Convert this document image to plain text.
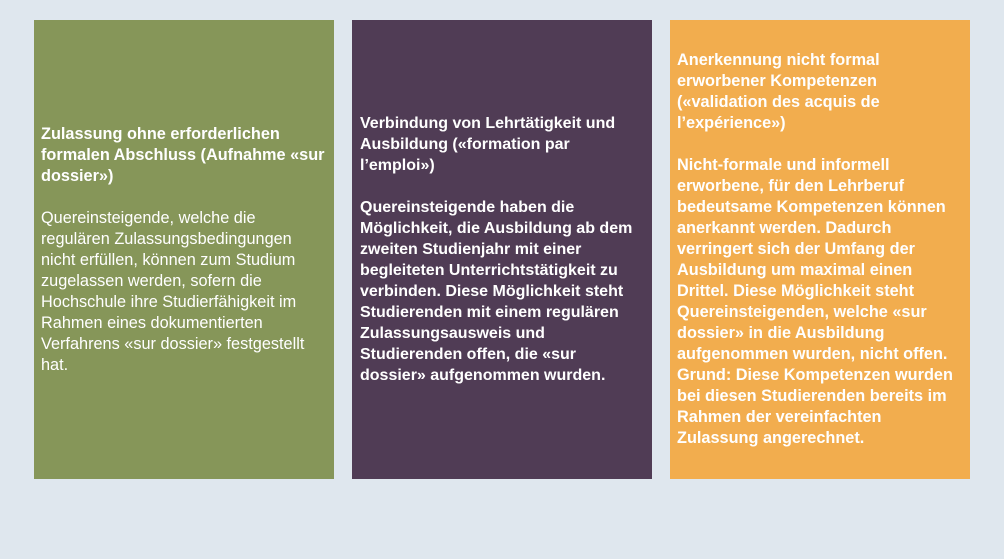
Zulassung ohne erforderlichen formalen Abschluss (Aufnahme «sur dossier»)

Quereinsteigende, welche die regulären Zulassungsbedingungen nicht erfüllen, können zum Studium zugelassen werden, sofern die Hochschule ihre Studierfähigkeit im Rahmen eines dokumentierten Verfahrens «sur dossier» festgestellt hat.

Verbindung von Lehrtätigkeit und Ausbildung («formation par l’emploi»)

Quereinsteigende haben die Möglichkeit, die Ausbildung ab dem zweiten Studienjahr mit einer begleiteten Unterrichtstätigkeit zu verbinden. Diese Möglichkeit steht Studierenden mit einem regulären Zulassungsausweis und Studierenden offen, die «sur dossier» aufgenommen wurden.

Anerkennung nicht formal erworbener Kompetenzen («validation des acquis de l’expérience»)

Nicht-formale und informell erworbene, für den Lehrberuf bedeutsame Kompetenzen können anerkannt werden. Dadurch verringert sich der Umfang der Ausbildung um maximal einen Drittel. Diese Möglichkeit steht Quereinsteigenden, welche «sur dossier» in die Ausbildung aufgenommen wurden, nicht offen. Grund: Diese Kompetenzen wurden bei diesen Studierenden bereits im Rahmen der vereinfachten Zulassung angerechnet.
